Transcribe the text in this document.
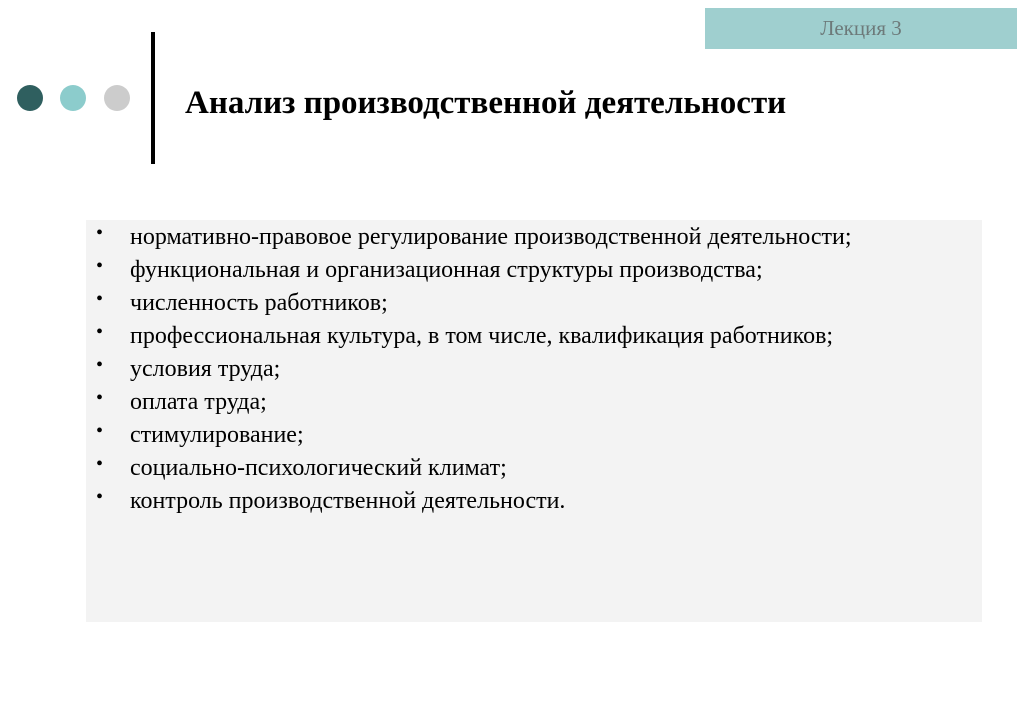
Лекция 3
Анализ производственной деятельности
• нормативно-правовое регулирование производственной деятельности;
• функциональная и организационная структуры производства;
• численность работников;
• профессиональная культура, в том числе, квалификация работников;
• условия труда;
• оплата труда;
• стимулирование;
• социально-психологический климат;
• контроль производственной деятельности.
